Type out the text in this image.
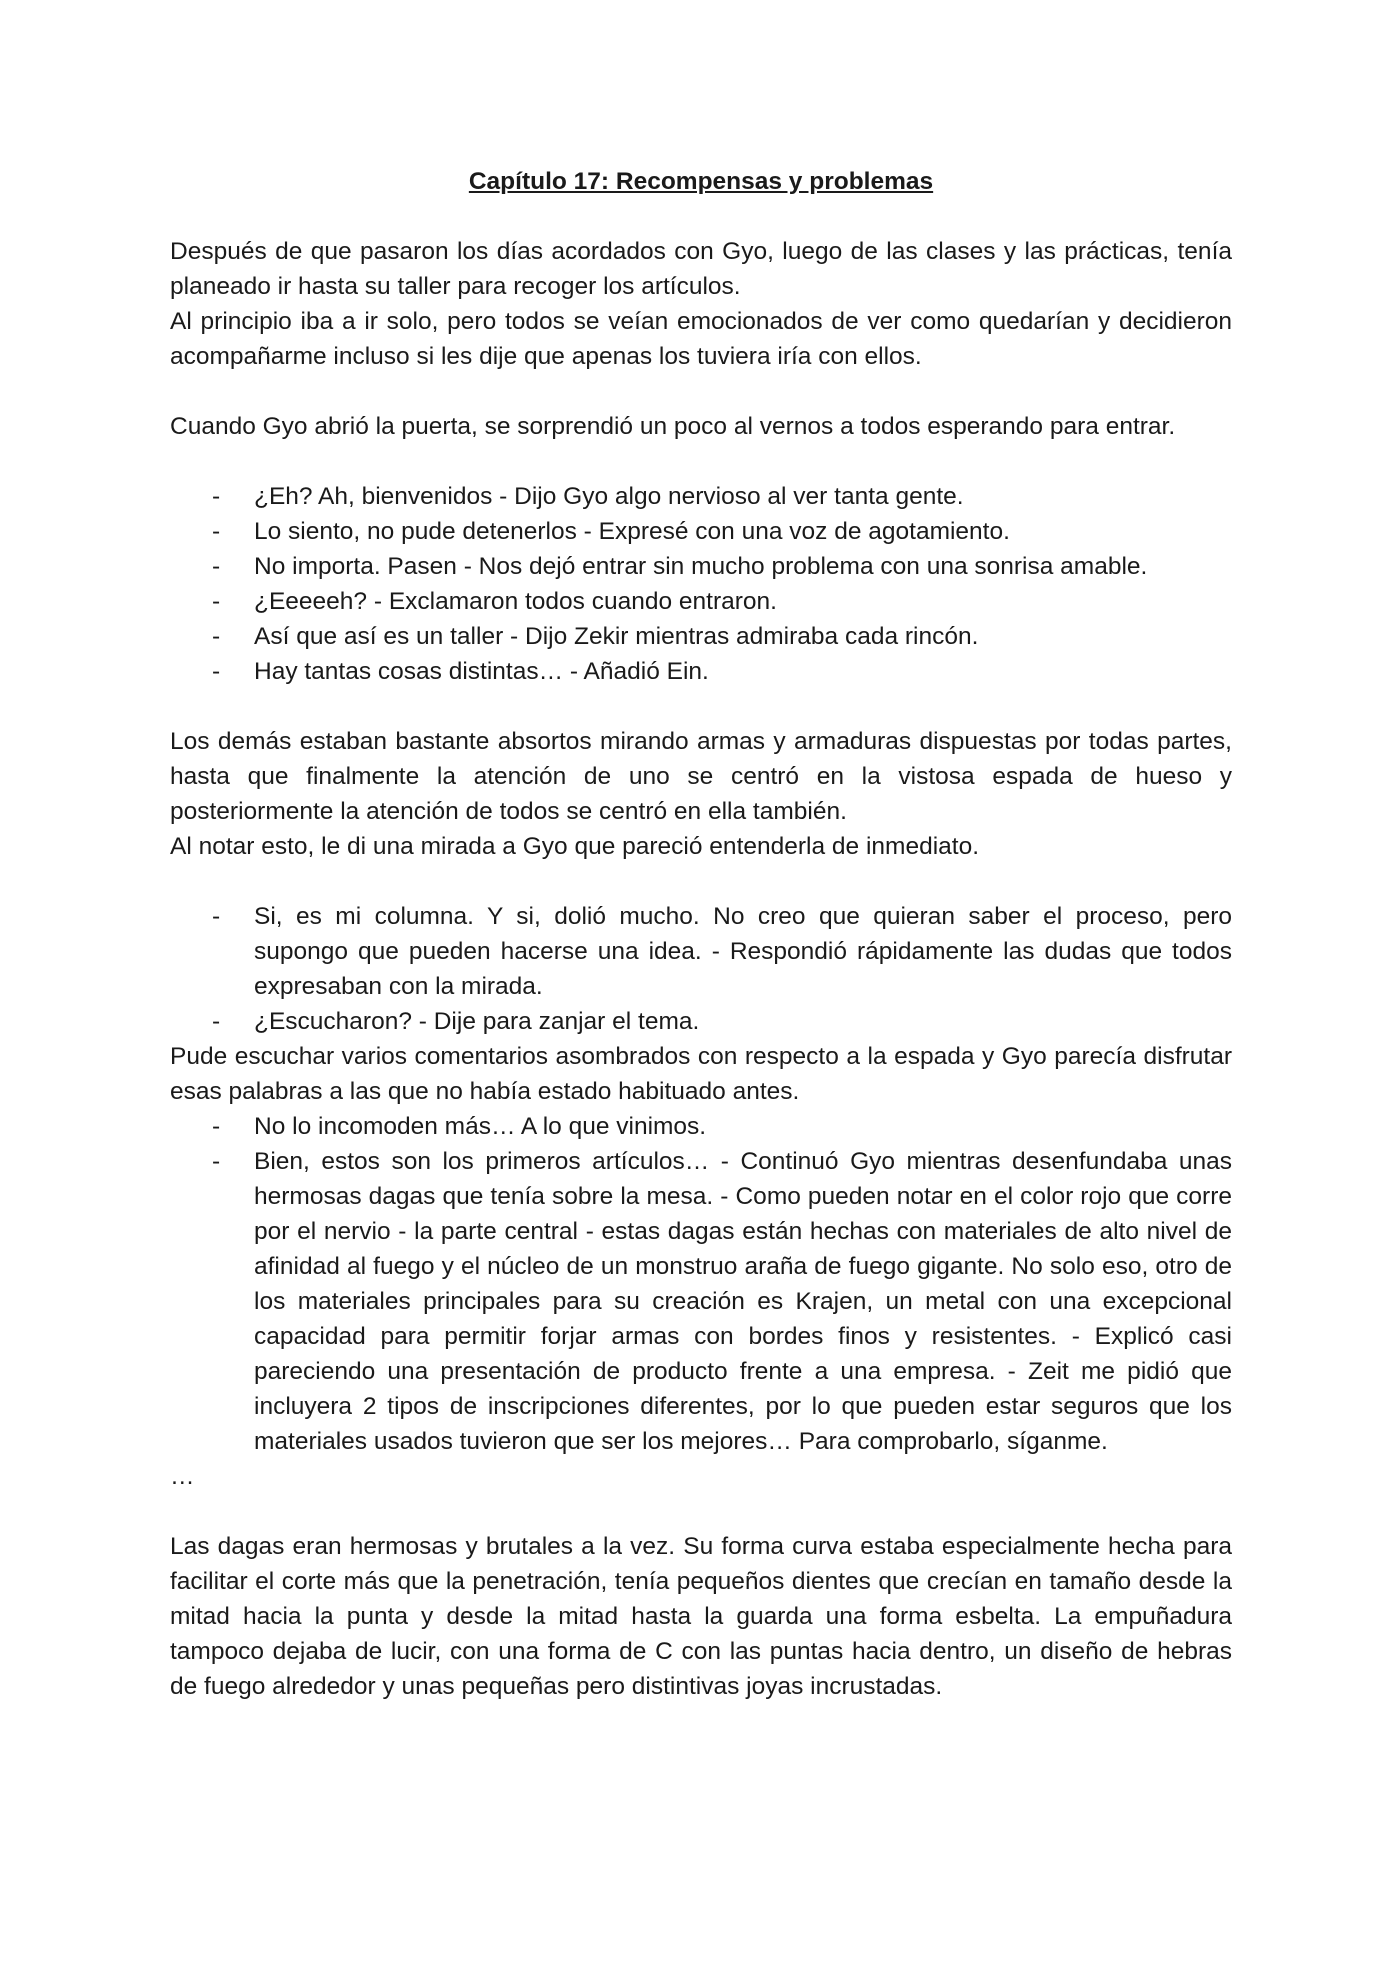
Capítulo 17: Recompensas y problemas

Después de que pasaron los días acordados con Gyo, luego de las clases y las prácticas, tenía planeado ir hasta su taller para recoger los artículos.

Al principio iba a ir solo, pero todos se veían emocionados de ver como quedarían y decidieron acompañarme incluso si les dije que apenas los tuviera iría con ellos.

Cuando Gyo abrió la puerta, se sorprendió un poco al vernos a todos esperando para entrar.

- ¿Eh? Ah, bienvenidos - Dijo Gyo algo nervioso al ver tanta gente.
- Lo siento, no pude detenerlos - Expresé con una voz de agotamiento.
- No importa. Pasen - Nos dejó entrar sin mucho problema con una sonrisa amable.
- ¿Eeeeeh? - Exclamaron todos cuando entraron.
- Así que así es un taller - Dijo Zekir mientras admiraba cada rincón.
- Hay tantas cosas distintas… - Añadió Ein.

Los demás estaban bastante absortos mirando armas y armaduras dispuestas por todas partes, hasta que finalmente la atención de uno se centró en la vistosa espada de hueso y posteriormente la atención de todos se centró en ella también.

Al notar esto, le di una mirada a Gyo que pareció entenderla de inmediato.

- Si, es mi columna. Y si, dolió mucho. No creo que quieran saber el proceso, pero supongo que pueden hacerse una idea. - Respondió rápidamente las dudas que todos expresaban con la mirada.
- ¿Escucharon? - Dije para zanjar el tema.

Pude escuchar varios comentarios asombrados con respecto a la espada y Gyo parecía disfrutar esas palabras a las que no había estado habituado antes.

- No lo incomoden más… A lo que vinimos.
- Bien, estos son los primeros artículos… - Continuó Gyo mientras desenfundaba unas hermosas dagas que tenía sobre la mesa. - Como pueden notar en el color rojo que corre por el nervio - la parte central - estas dagas están hechas con materiales de alto nivel de afinidad al fuego y el núcleo de un monstruo araña de fuego gigante. No solo eso, otro de los materiales principales para su creación es Krajen, un metal con una excepcional capacidad para permitir forjar armas con bordes finos y resistentes. - Explicó casi pareciendo una presentación de producto frente a una empresa. - Zeit me pidió que incluyera 2 tipos de inscripciones diferentes, por lo que pueden estar seguros que los materiales usados tuvieron que ser los mejores… Para comprobarlo, síganme.

…

Las dagas eran hermosas y brutales a la vez. Su forma curva estaba especialmente hecha para facilitar el corte más que la penetración, tenía pequeños dientes que crecían en tamaño desde la mitad hacia la punta y desde la mitad hasta la guarda una forma esbelta. La empuñadura tampoco dejaba de lucir, con una forma de C con las puntas hacia dentro, un diseño de hebras de fuego alrededor y unas pequeñas pero distintivas joyas incrustadas.
